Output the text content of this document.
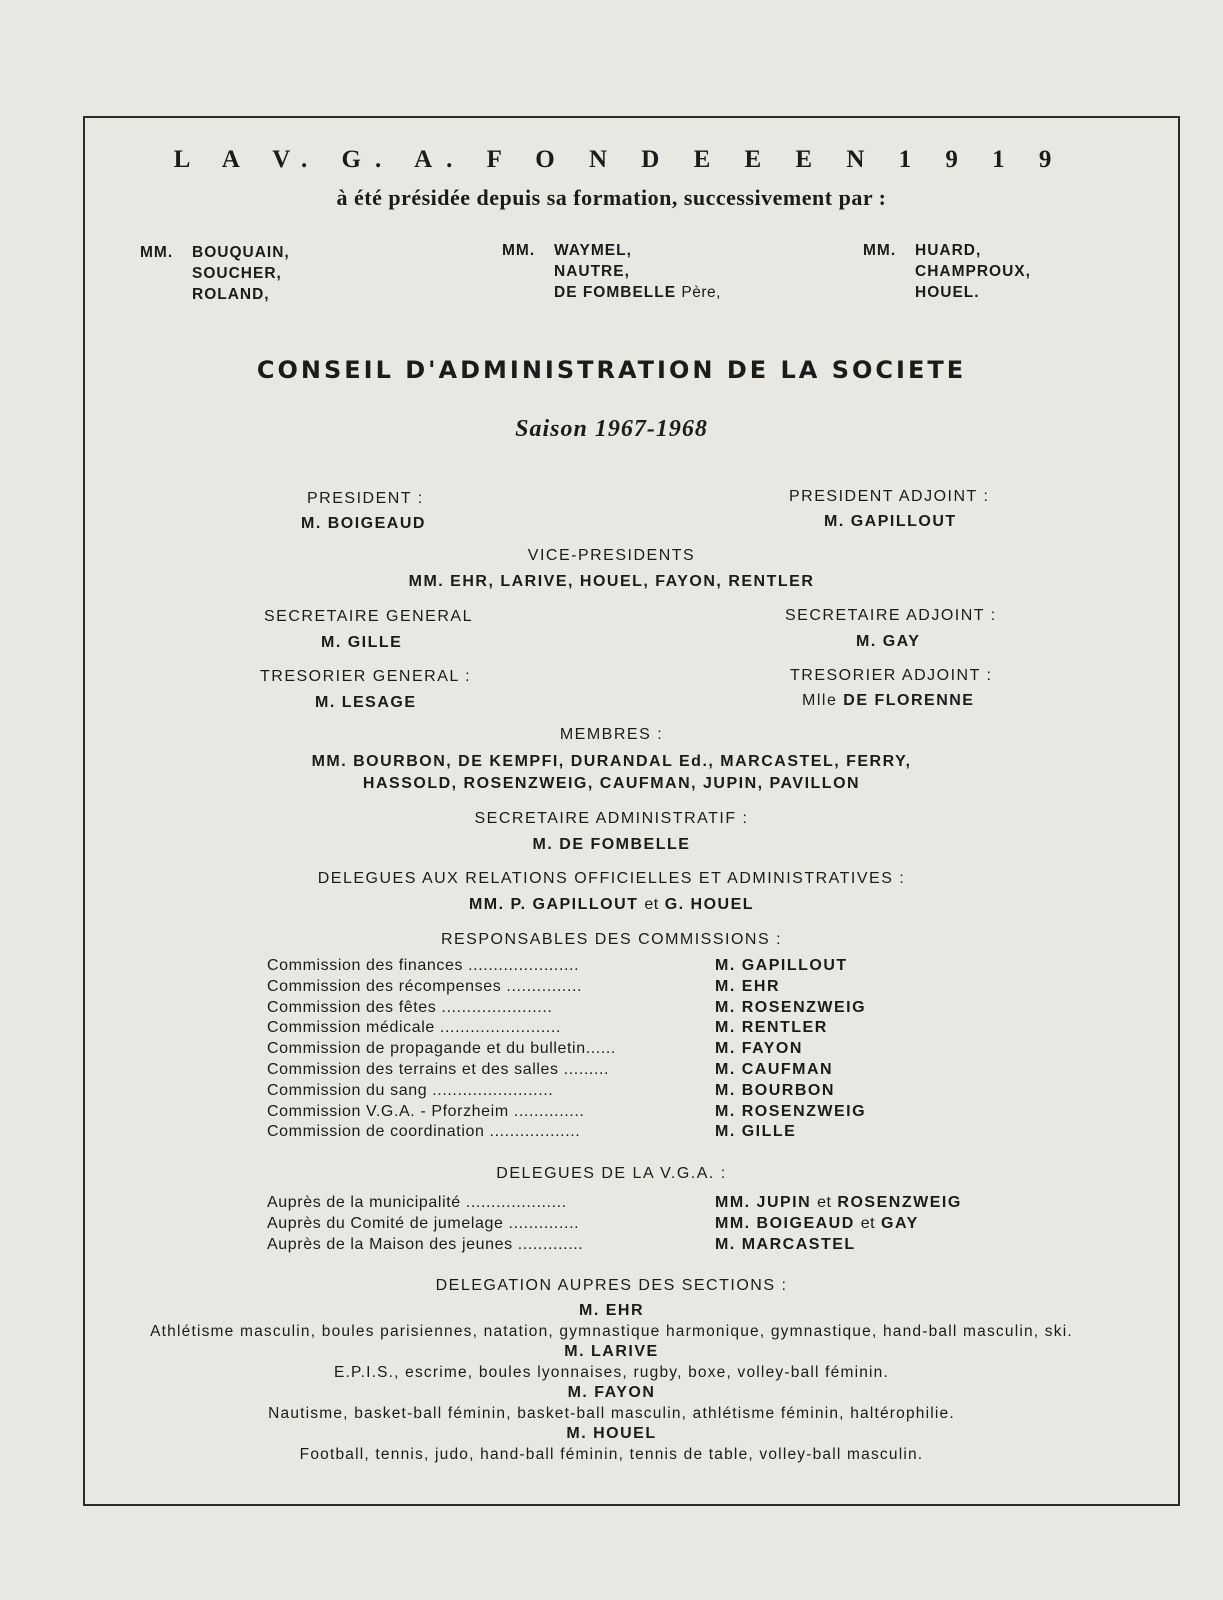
L A V. G. A. F O N D E E E N 1 9 1 9
à été présidée depuis sa formation, successivement par :
MM. BOUQUAIN,
SOUCHER,
ROLAND,
MM. WAYMEL,
NAUTRE,
DE FOMBELLE Père,
MM. HUARD,
CHAMPROUX,
HOUEL.
CONSEIL D'ADMINISTRATION DE LA SOCIETE
Saison 1967-1968
PRESIDENT :
M. BOIGEAUD
PRESIDENT ADJOINT :
M. GAPILLOUT
VICE-PRESIDENTS
MM. EHR, LARIVE, HOUEL, FAYON, RENTLER
SECRETAIRE GENERAL
M. GILLE
SECRETAIRE ADJOINT :
M. GAY
TRESORIER GENERAL :
M. LESAGE
TRESORIER ADJOINT :
Mlle DE FLORENNE
MEMBRES :
MM. BOURBON, DE KEMPFI, DURANDAL Ed., MARCASTEL, FERRY,
HASSOLD, ROSENZWEIG, CAUFMAN, JUPIN, PAVILLON
SECRETAIRE ADMINISTRATIF :
M. DE FOMBELLE
DELEGUES AUX RELATIONS OFFICIELLES ET ADMINISTRATIVES :
MM. P. GAPILLOUT et G. HOUEL
RESPONSABLES DES COMMISSIONS :
Commission des finances ......................	M. GAPILLOUT
Commission des récompenses ...............	M. EHR
Commission des fêtes ......................	M. ROSENZWEIG
Commission médicale ........................	M. RENTLER
Commission de propagande et du bulletin......	M. FAYON
Commission des terrains et des salles .........	M. CAUFMAN
Commission du sang ........................	M. BOURBON
Commission V.G.A. - Pforzheim ..............	M. ROSENZWEIG
Commission de coordination ..................	M. GILLE
DELEGUES DE LA V.G.A. :
Auprès de la municipalité ....................	MM. JUPIN et ROSENZWEIG
Auprès du Comité de jumelage ..............	MM. BOIGEAUD et GAY
Auprès de la Maison des jeunes .............	M. MARCASTEL
DELEGATION AUPRES DES SECTIONS :
M. EHR
Athlétisme masculin, boules parisiennes, natation, gymnastique harmonique, gymnastique, hand-ball masculin, ski.
M. LARIVE
E.P.I.S., escrime, boules lyonnaises, rugby, boxe, volley-ball féminin.
M. FAYON
Nautisme, basket-ball féminin, basket-ball masculin, athlétisme féminin, haltérophilie.
M. HOUEL
Football, tennis, judo, hand-ball féminin, tennis de table, volley-ball masculin.
